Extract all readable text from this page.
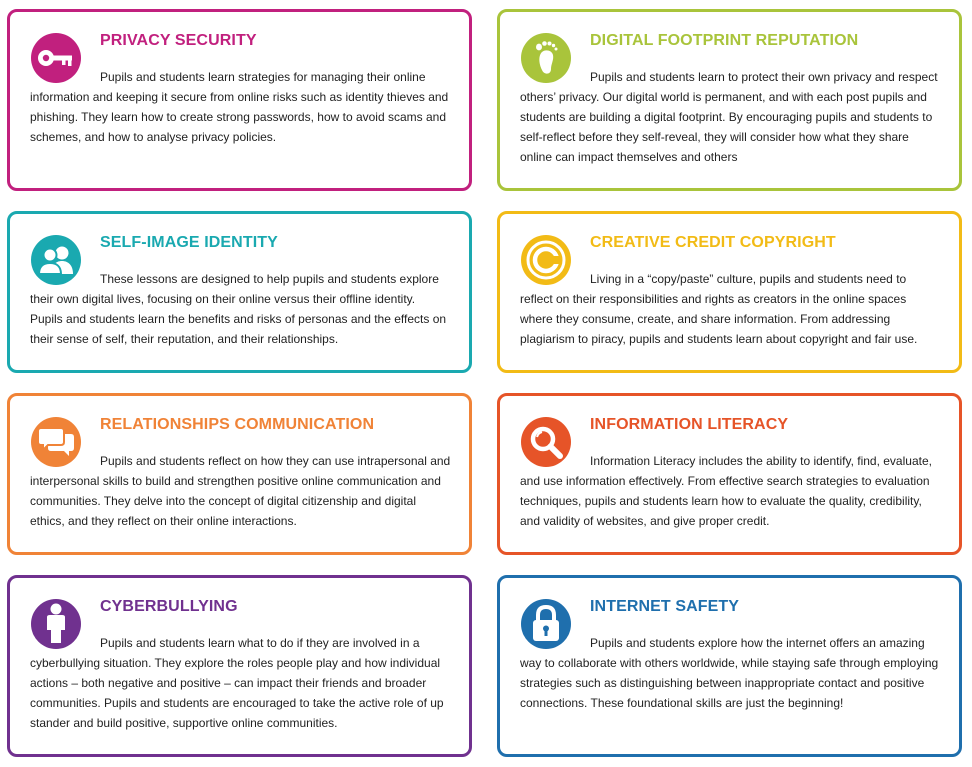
PRIVACY SECURITY

Pupils and students learn strategies for managing their online information and keeping it secure from online risks such as identity thieves and phishing. They learn how to create strong passwords, how to avoid scams and schemes, and how to analyse privacy policies.

DIGITAL FOOTPRINT REPUTATION

Pupils and students learn to protect their own privacy and respect others’ privacy. Our digital world is permanent, and with each post pupils and students are building a digital footprint. By encouraging pupils and students to self-reflect before they self-reveal, they will consider how what they share online can impact themselves and others

SELF-IMAGE IDENTITY

These lessons are designed to help pupils and students explore their own digital lives, focusing on their online versus their offline identity. Pupils and students learn the benefits and risks of personas and the effects on their sense of self, their reputation, and their relationships.

CREATIVE CREDIT COPYRIGHT

Living in a “copy/paste” culture, pupils and students need to reflect on their responsibilities and rights as creators in the online spaces where they consume, create, and share information. From addressing plagiarism to piracy, pupils and students learn about copyright and fair use.

RELATIONSHIPS COMMUNICATION

Pupils and students reflect on how they can use intrapersonal and interpersonal skills to build and strengthen positive online communication and communities. They delve into the concept of digital citizenship and digital ethics, and they reflect on their online interactions.

INFORMATION LITERACY

Information Literacy includes the ability to identify, find, evaluate, and use information effectively. From effective search strategies to evaluation techniques, pupils and students learn how to evaluate the quality, credibility, and validity of websites, and give proper credit.

CYBERBULLYING

Pupils and students learn what to do if they are involved in a cyberbullying situation. They explore the roles people play and how individual actions – both negative and positive – can impact their friends and broader communities. Pupils and students are encouraged to take the active role of up stander and build positive, supportive online communities.

INTERNET SAFETY

Pupils and students explore how the internet offers an amazing way to collaborate with others worldwide, while staying safe through employing strategies such as distinguishing between inappropriate contact and positive connections. These foundational skills are just the beginning!
